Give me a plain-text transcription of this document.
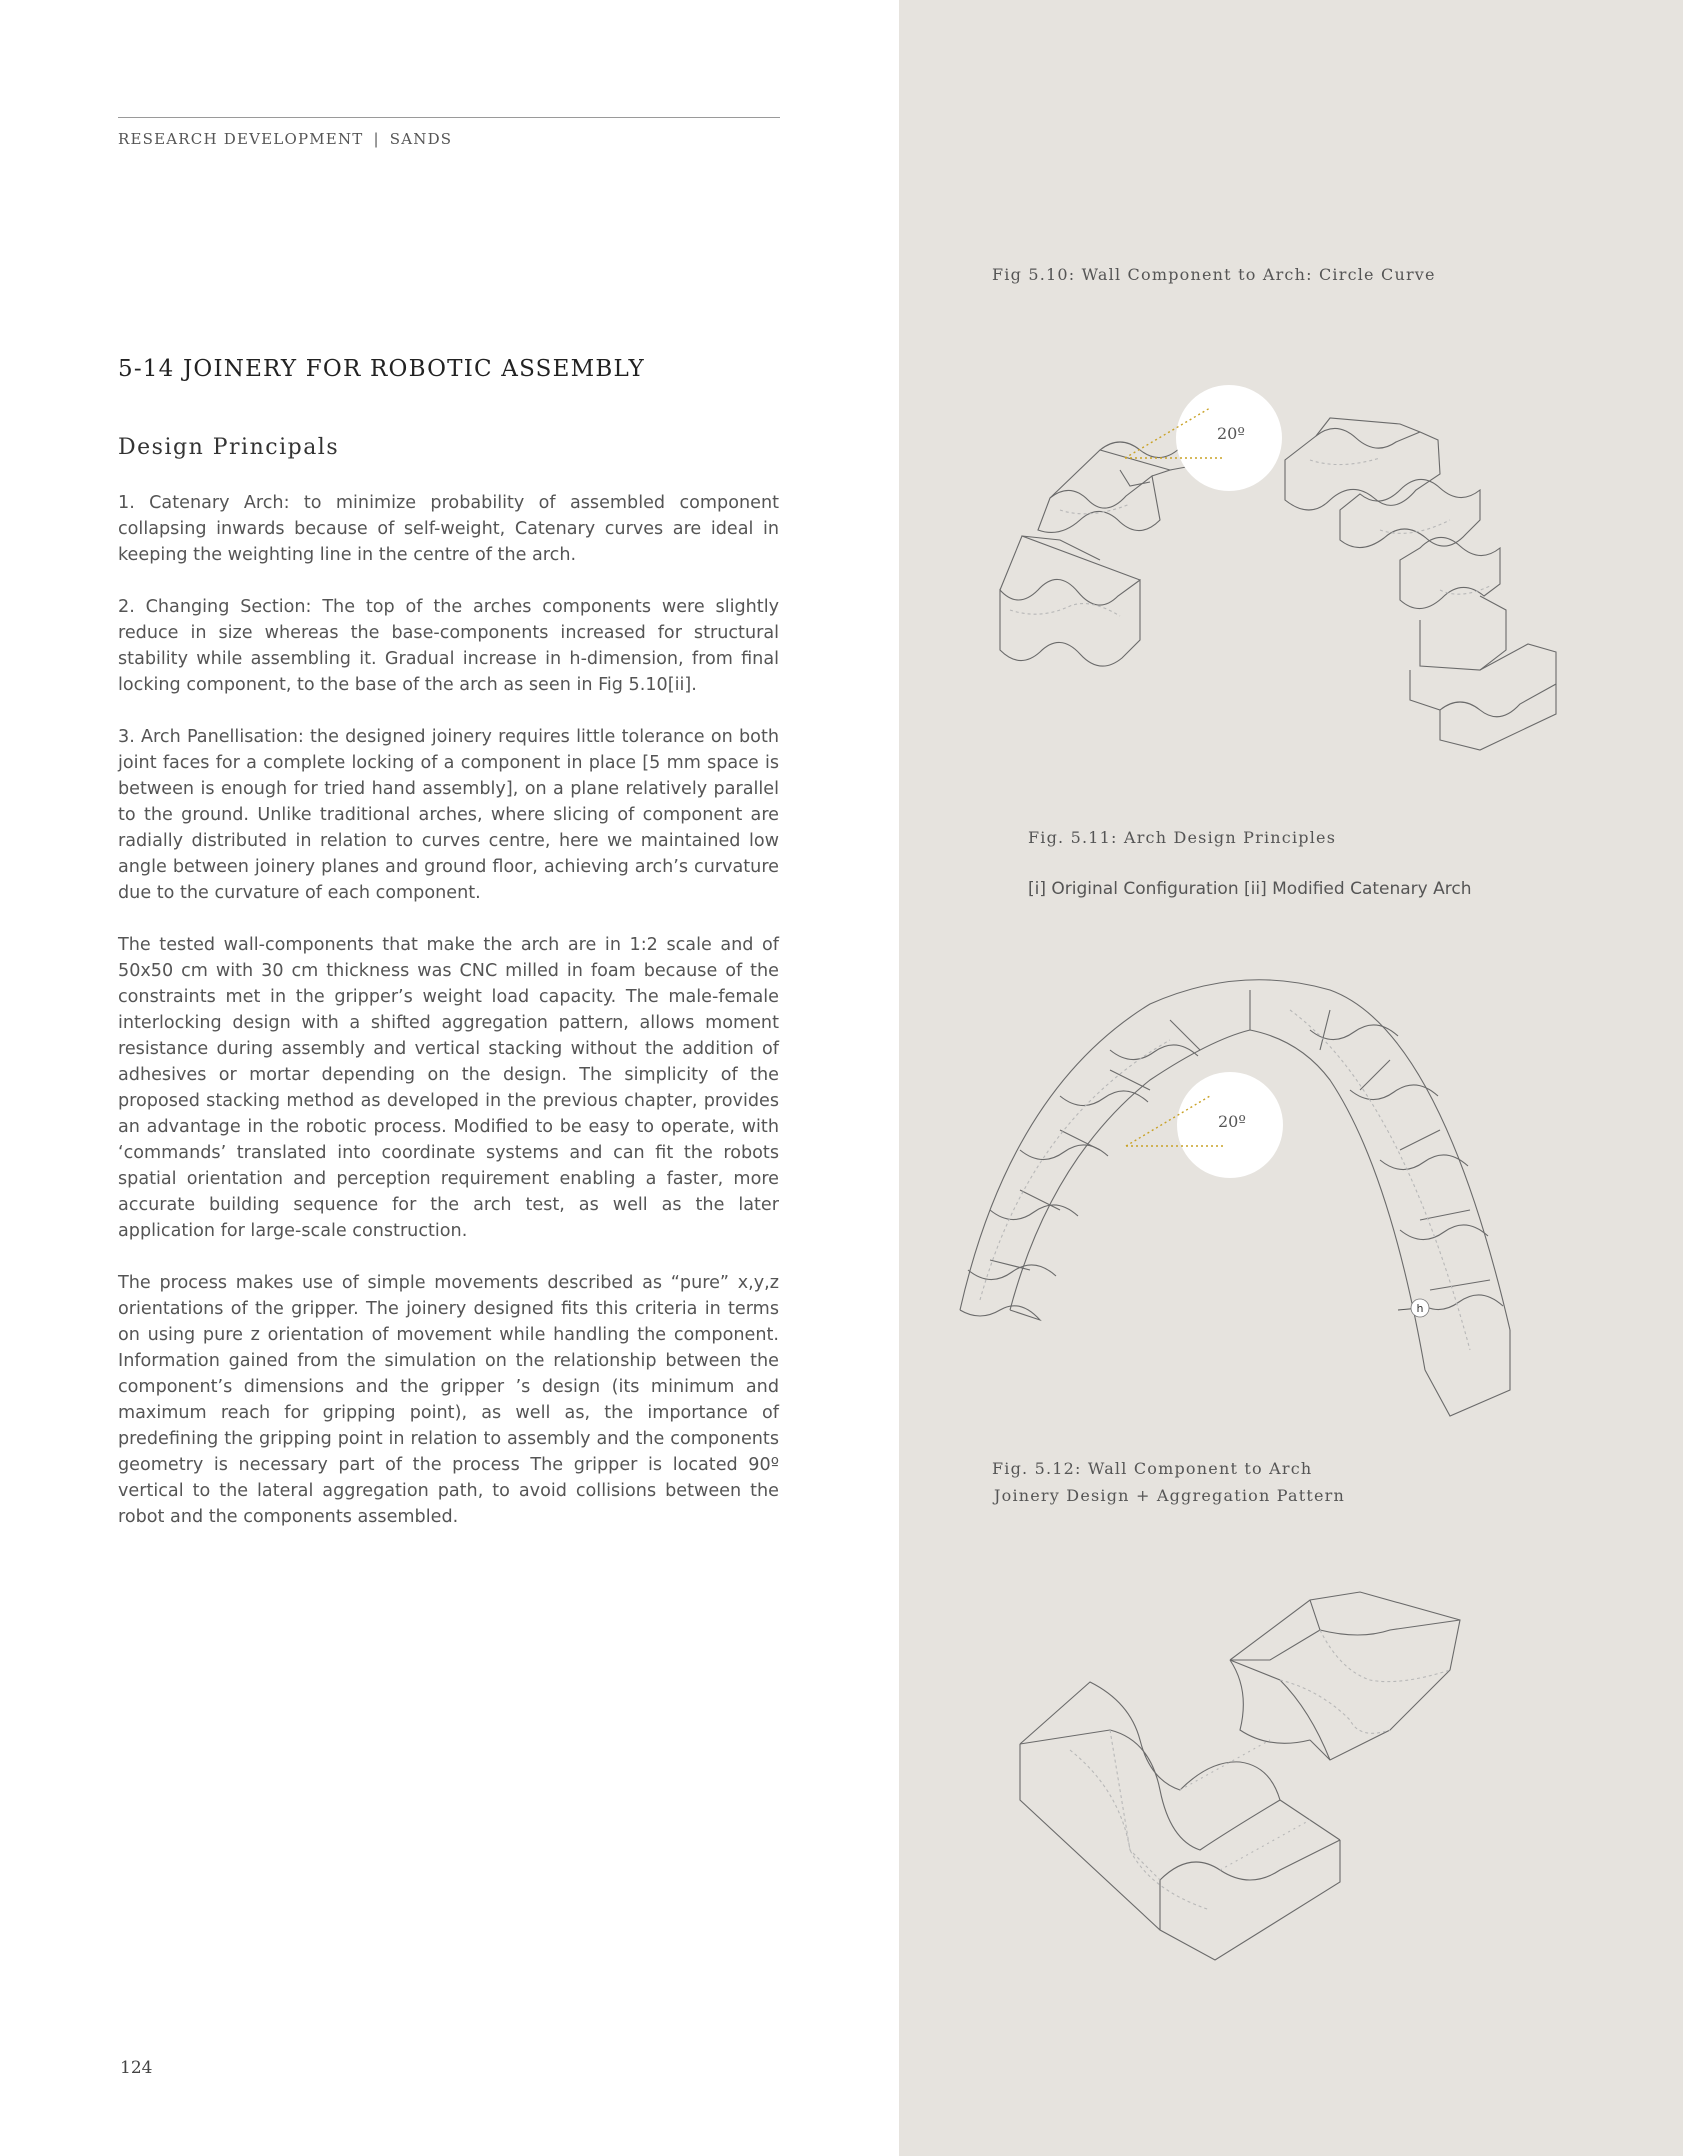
RESEARCH DEVELOPMENT | SANDS
5-14 JOINERY FOR ROBOTIC ASSEMBLY
Design Principals

1. Catenary Arch: to minimize probability of assembled component collapsing inwards because of self-weight, Catenary curves are ideal in keeping the weighting line in the centre of the arch.

2. Changing Section: The top of the arches components were slightly reduce in size whereas the base-components increased for structural stability while assembling it. Gradual increase in h-dimension, from final locking component, to the base of the arch as seen in Fig 5.10[ii].

3. Arch Panellisation: the designed joinery requires little tolerance on both joint faces for a complete locking of a component in place [5 mm space is between is enough for tried hand assembly], on a plane relatively parallel to the ground. Unlike traditional arches, where slicing of component are radially distributed in relation to curves centre, here we maintained low angle between joinery planes and ground floor, achieving arch’s curvature due to the curvature of each component.

The tested wall-components that make the arch are in 1:2 scale and of 50x50 cm with 30 cm thickness was CNC milled in foam because of the constraints met in the gripper’s weight load capacity. The male-female interlocking design with a shifted aggregation pattern, allows moment resistance during assembly and vertical stacking without the addition of adhesives or mortar depending on the design. The simplicity of the proposed stacking method as developed in the previous chapter, provides an advantage in the robotic process. Modified to be easy to operate, with ‘commands’ translated into coordinate systems and can fit the robots spatial orientation and perception requirement enabling a faster, more accurate building sequence for the arch test, as well as the later application for large-scale construction.

The process makes use of simple movements described as “pure” x,y,z orientations of the gripper. The joinery designed fits this criteria in terms on using pure z orientation of movement while handling the component. Information gained from the simulation on the relationship between the component’s dimensions and the gripper ’s design (its minimum and maximum reach for gripping point), as well as, the importance of predefining the gripping point in relation to assembly and the components geometry is necessary part of the process The gripper is located 90º vertical to the lateral aggregation path, to avoid collisions between the robot and the components assembled.

124
Fig 5.10: Wall Component to Arch: Circle Curve
Fig. 5.11: Arch Design Principles
[i] Original Configuration [ii] Modified Catenary Arch
Fig. 5.12: Wall Component to Arch
Joinery Design + Aggregation Pattern
20º
20º
h
